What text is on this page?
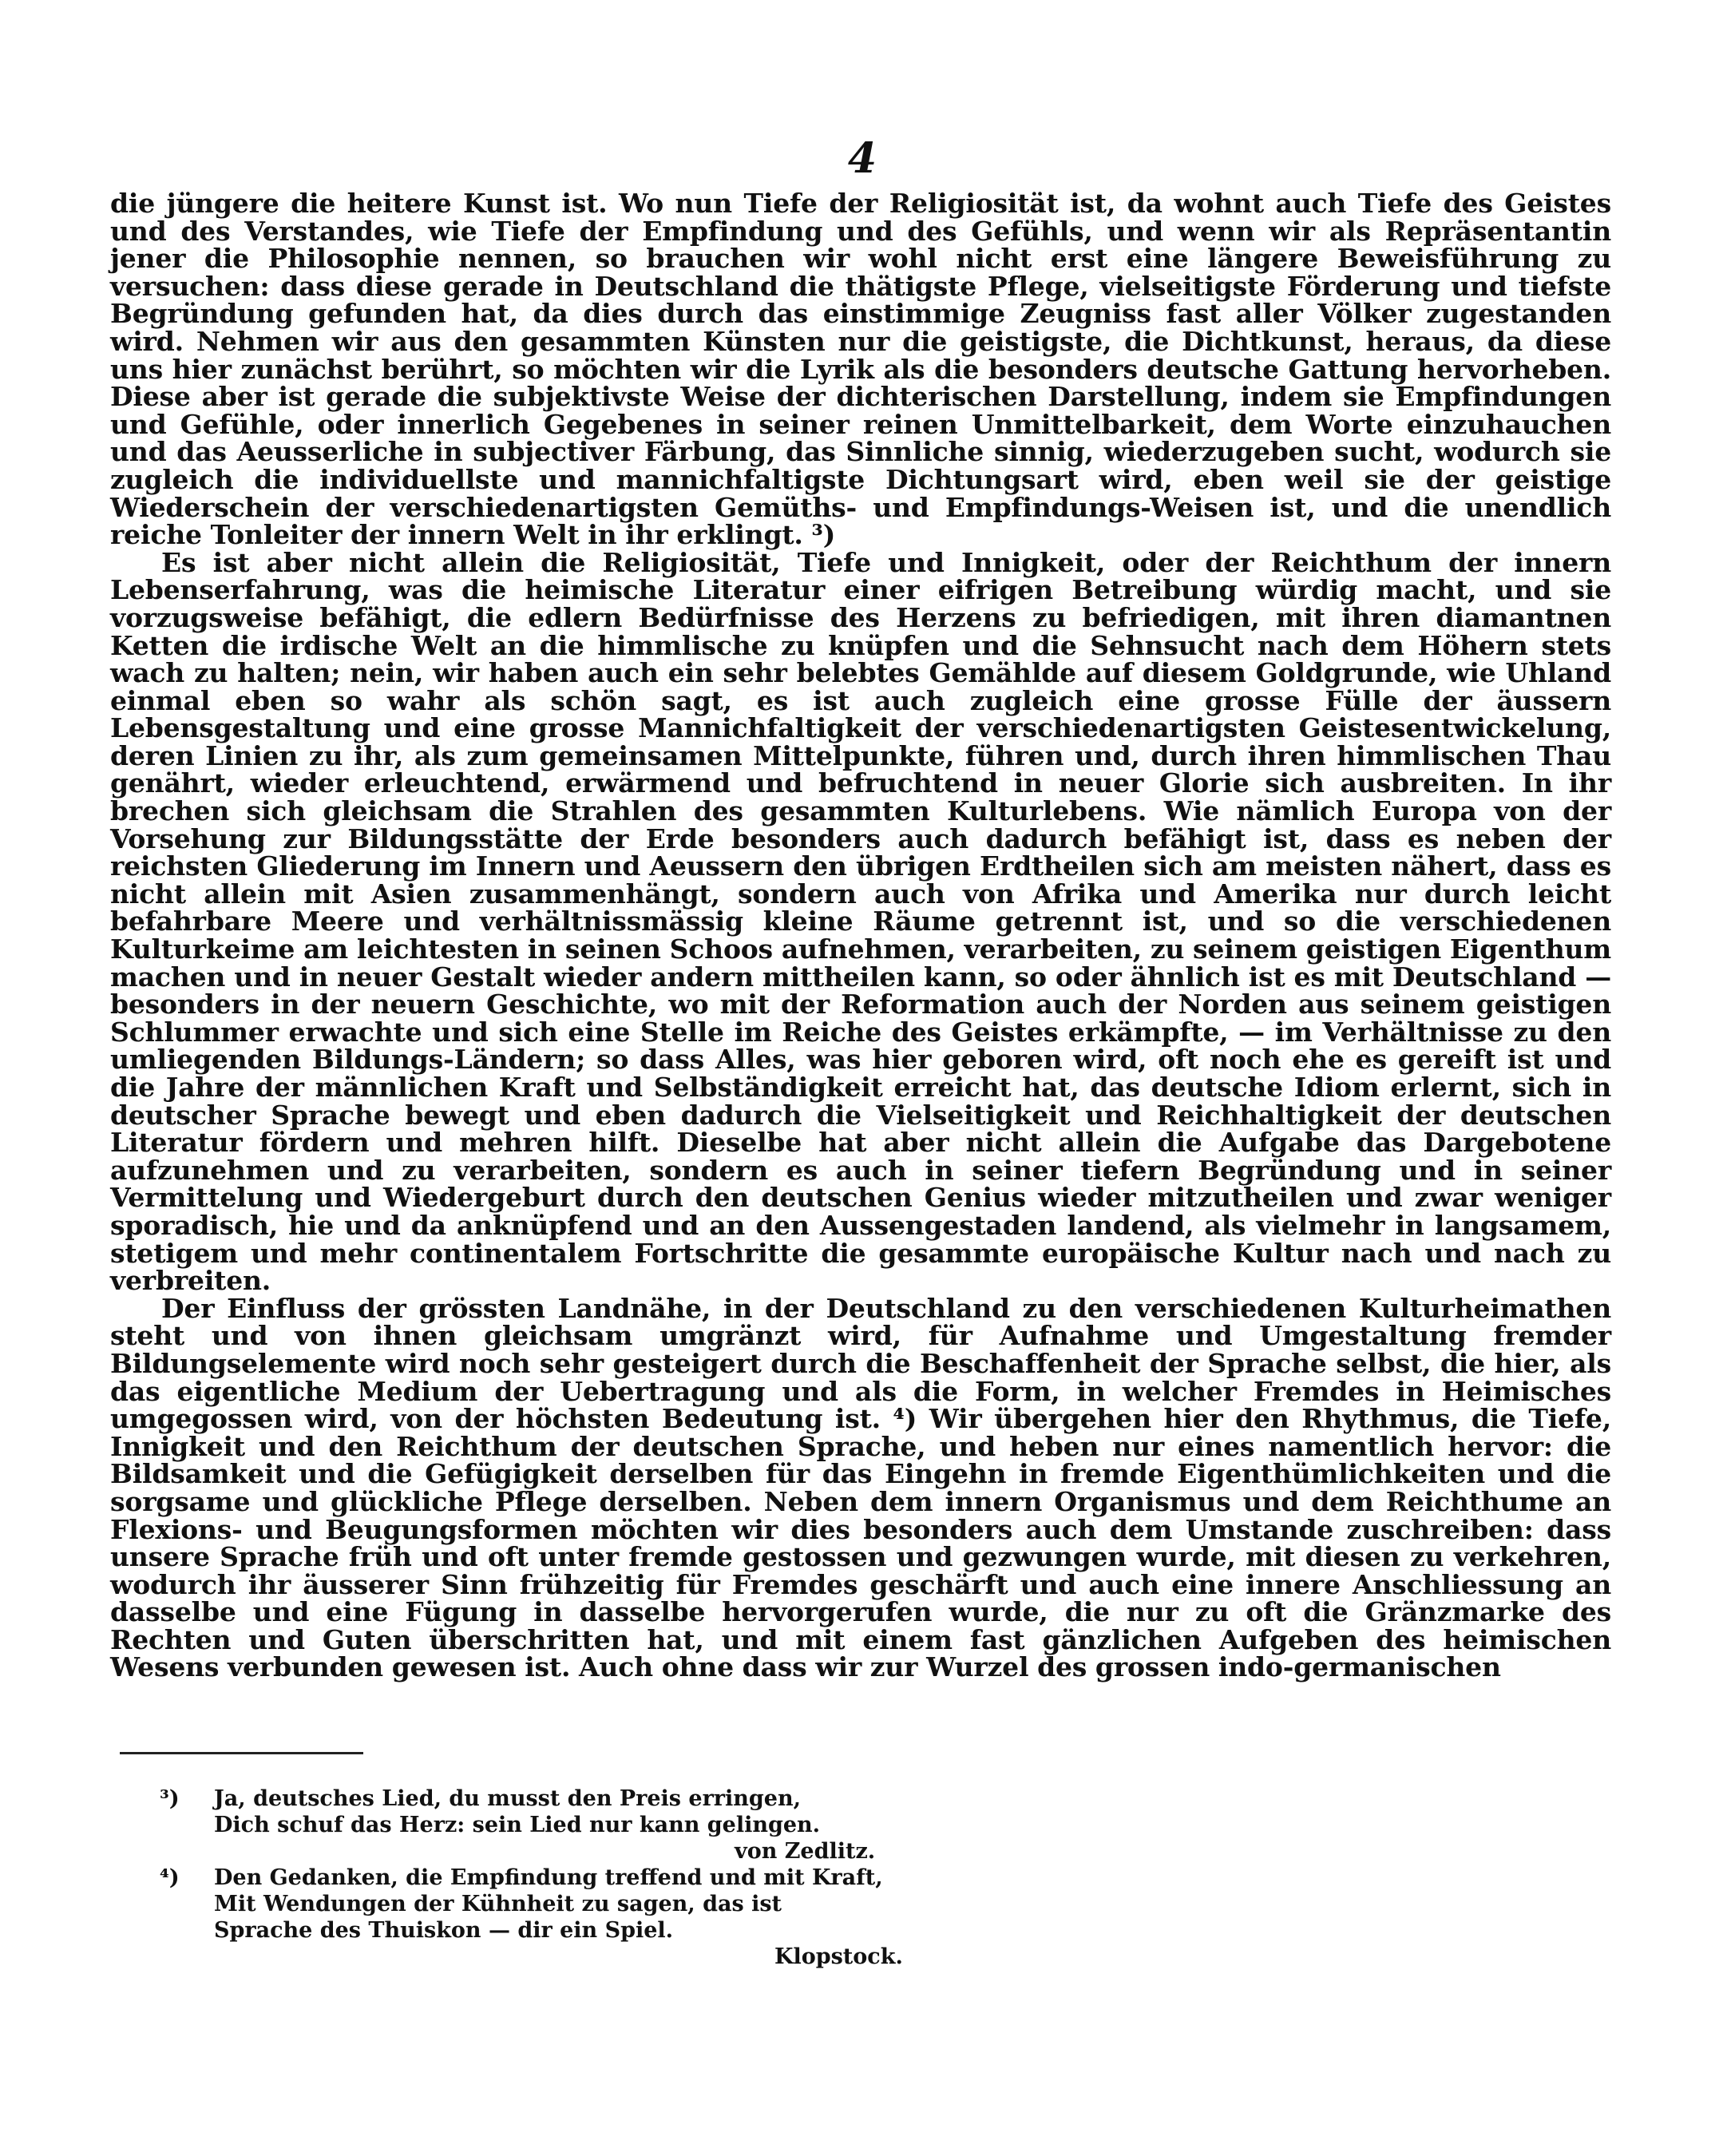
4

die jüngere die heitere Kunst ist. Wo nun Tiefe der Religiosität ist, da wohnt auch Tiefe des Geistes und des Verstandes, wie Tiefe der Empfindung und des Gefühls, und wenn wir als Repräsentantin jener die Philosophie nennen, so brauchen wir wohl nicht erst eine längere Beweisführung zu versuchen: dass diese gerade in Deutschland die thätigste Pflege, vielseitigste Förderung und tiefste Begründung gefunden hat, da dies durch das einstimmige Zeugniss fast aller Völker zugestanden wird. Nehmen wir aus den gesammten Künsten nur die geistigste, die Dichtkunst, heraus, da diese uns hier zunächst berührt, so möchten wir die Lyrik als die besonders deutsche Gattung hervorheben. Diese aber ist gerade die subjektivste Weise der dichterischen Darstellung, indem sie Empfindungen und Gefühle, oder innerlich Gegebenes in seiner reinen Unmittelbarkeit, dem Worte einzuhauchen und das Aeusserliche in subjectiver Färbung, das Sinnliche sinnig, wiederzugeben sucht, wodurch sie zugleich die individuellste und mannichfaltigste Dichtungsart wird, eben weil sie der geistige Wiederschein der verschiedenartigsten Gemüths- und Empfindungs-Weisen ist, und die unendlich reiche Tonleiter der innern Welt in ihr erklingt. ³)

Es ist aber nicht allein die Religiosität, Tiefe und Innigkeit, oder der Reichthum der innern Lebenserfahrung, was die heimische Literatur einer eifrigen Betreibung würdig macht, und sie vorzugsweise befähigt, die edlern Bedürfnisse des Herzens zu befriedigen, mit ihren diamantnen Ketten die irdische Welt an die himmlische zu knüpfen und die Sehnsucht nach dem Höhern stets wach zu halten; nein, wir haben auch ein sehr belebtes Gemählde auf diesem Goldgrunde, wie Uhland einmal eben so wahr als schön sagt, es ist auch zugleich eine grosse Fülle der äussern Lebensgestaltung und eine grosse Mannichfaltigkeit der verschiedenartigsten Geistesentwickelung, deren Linien zu ihr, als zum gemeinsamen Mittelpunkte, führen und, durch ihren himmlischen Thau genährt, wieder erleuchtend, erwärmend und befruchtend in neuer Glorie sich ausbreiten. In ihr brechen sich gleichsam die Strahlen des gesammten Kulturlebens. Wie nämlich Europa von der Vorsehung zur Bildungsstätte der Erde besonders auch dadurch befähigt ist, dass es neben der reichsten Gliederung im Innern und Aeussern den übrigen Erdtheilen sich am meisten nähert, dass es nicht allein mit Asien zusammenhängt, sondern auch von Afrika und Amerika nur durch leicht befahrbare Meere und verhältnissmässig kleine Räume getrennt ist, und so die verschiedenen Kulturkeime am leichtesten in seinen Schoos aufnehmen, verarbeiten, zu seinem geistigen Eigenthum machen und in neuer Gestalt wieder andern mittheilen kann, so oder ähnlich ist es mit Deutschland — besonders in der neuern Geschichte, wo mit der Reformation auch der Norden aus seinem geistigen Schlummer erwachte und sich eine Stelle im Reiche des Geistes erkämpfte, — im Verhältnisse zu den umliegenden Bildungs-Ländern; so dass Alles, was hier geboren wird, oft noch ehe es gereift ist und die Jahre der männlichen Kraft und Selbständigkeit erreicht hat, das deutsche Idiom erlernt, sich in deutscher Sprache bewegt und eben dadurch die Vielseitigkeit und Reichhaltigkeit der deutschen Literatur fördern und mehren hilft. Dieselbe hat aber nicht allein die Aufgabe das Dargebotene aufzunehmen und zu verarbeiten, sondern es auch in seiner tiefern Begründung und in seiner Vermittelung und Wiedergeburt durch den deutschen Genius wieder mitzutheilen und zwar weniger sporadisch, hie und da anknüpfend und an den Aussengestaden landend, als vielmehr in langsamem, stetigem und mehr continentalem Fortschritte die gesammte europäische Kultur nach und nach zu verbreiten.

Der Einfluss der grössten Landnähe, in der Deutschland zu den verschiedenen Kulturheimathen steht und von ihnen gleichsam umgränzt wird, für Aufnahme und Umgestaltung fremder Bildungselemente wird noch sehr gesteigert durch die Beschaffenheit der Sprache selbst, die hier, als das eigentliche Medium der Uebertragung und als die Form, in welcher Fremdes in Heimisches umgegossen wird, von der höchsten Bedeutung ist. ⁴) Wir übergehen hier den Rhythmus, die Tiefe, Innigkeit und den Reichthum der deutschen Sprache, und heben nur eines namentlich hervor: die Bildsamkeit und die Gefügigkeit derselben für das Eingehn in fremde Eigenthümlichkeiten und die sorgsame und glückliche Pflege derselben. Neben dem innern Organismus und dem Reichthume an Flexions- und Beugungsformen möchten wir dies besonders auch dem Umstande zuschreiben: dass unsere Sprache früh und oft unter fremde gestossen und gezwungen wurde, mit diesen zu verkehren, wodurch ihr äusserer Sinn frühzeitig für Fremdes geschärft und auch eine innere Anschliessung an dasselbe und eine Fügung in dasselbe hervorgerufen wurde, die nur zu oft die Gränzmarke des Rechten und Guten überschritten hat, und mit einem fast gänzlichen Aufgeben des heimischen Wesens verbunden gewesen ist. Auch ohne dass wir zur Wurzel des grossen indo-germanischen

³) Ja, deutsches Lied, du musst den Preis erringen,
Dich schuf das Herz: sein Lied nur kann gelingen.
von Zedlitz.
⁴) Den Gedanken, die Empfindung treffend und mit Kraft,
Mit Wendungen der Kühnheit zu sagen, das ist
Sprache des Thuiskon — dir ein Spiel.
Klopstock.
